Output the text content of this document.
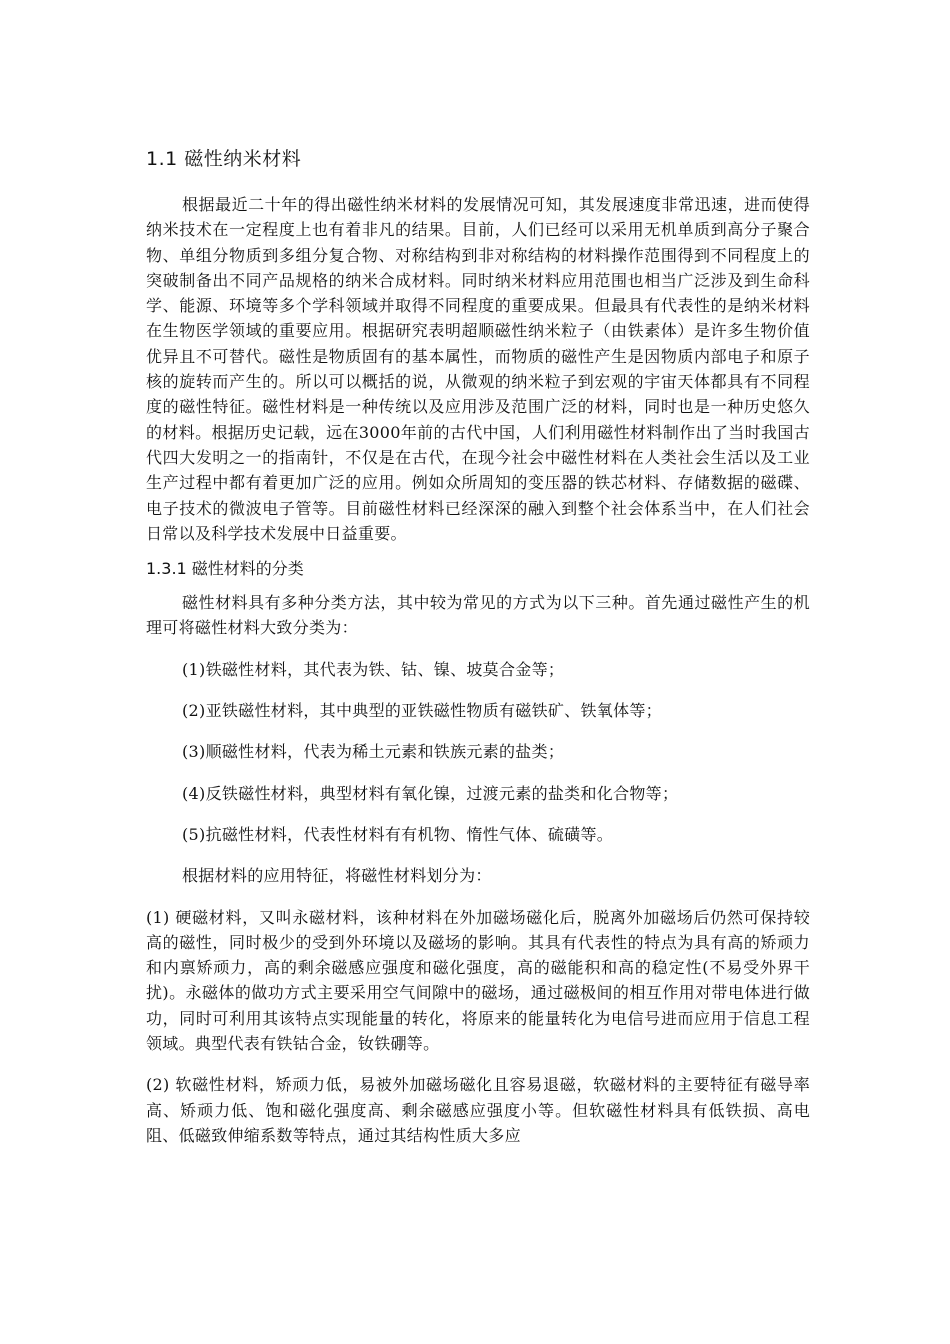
1.1 磁性纳米材料

根据最近二十年的得出磁性纳米材料的发展情况可知，其发展速度非常迅速，进而使得纳米技术在一定程度上也有着非凡的结果。目前，人们已经可以采用无机单质到高分子聚合物、单组分物质到多组分复合物、对称结构到非对称结构的材料操作范围得到不同程度上的突破制备出不同产品规格的纳米合成材料。同时纳米材料应用范围也相当广泛涉及到生命科学、能源、环境等多个学科领域并取得不同程度的重要成果。但最具有代表性的是纳米材料在生物医学领域的重要应用。根据研究表明超顺磁性纳米粒子（由铁素体）是许多生物价值优异且不可替代。磁性是物质固有的基本属性，而物质的磁性产生是因物质内部电子和原子核的旋转而产生的。所以可以概括的说，从微观的纳米粒子到宏观的宇宙天体都具有不同程度的磁性特征。磁性材料是一种传统以及应用涉及范围广泛的材料，同时也是一种历史悠久的材料。根据历史记载，远在3000年前的古代中国，人们利用磁性材料制作出了当时我国古代四大发明之一的指南针，不仅是在古代，在现今社会中磁性材料在人类社会生活以及工业生产过程中都有着更加广泛的应用。例如众所周知的变压器的铁芯材料、存储数据的磁碟、电子技术的微波电子管等。目前磁性材料已经深深的融入到整个社会体系当中，在人们社会日常以及科学技术发展中日益重要。

1.3.1 磁性材料的分类

磁性材料具有多种分类方法，其中较为常见的方式为以下三种。首先通过磁性产生的机理可将磁性材料大致分类为：

(1)铁磁性材料，其代表为铁、钴、镍、坡莫合金等；

(2)亚铁磁性材料，其中典型的亚铁磁性物质有磁铁矿、铁氧体等；

(3)顺磁性材料，代表为稀土元素和铁族元素的盐类；

(4)反铁磁性材料，典型材料有氧化镍，过渡元素的盐类和化合物等；

(5)抗磁性材料，代表性材料有有机物、惰性气体、硫磺等。

根据材料的应用特征，将磁性材料划分为：

(1) 硬磁材料，又叫永磁材料，该种材料在外加磁场磁化后，脱离外加磁场后仍然可保持较高的磁性，同时极少的受到外环境以及磁场的影响。其具有代表性的特点为具有高的矫顽力和内禀矫顽力，高的剩余磁感应强度和磁化强度，高的磁能积和高的稳定性(不易受外界干扰)。永磁体的做功方式主要采用空气间隙中的磁场，通过磁极间的相互作用对带电体进行做功，同时可利用其该特点实现能量的转化，将原来的能量转化为电信号进而应用于信息工程领域。典型代表有铁钴合金，钕铁硼等。

(2) 软磁性材料，矫顽力低，易被外加磁场磁化且容易退磁，软磁材料的主要特征有磁导率高、矫顽力低、饱和磁化强度高、剩余磁感应强度小等。但软磁性材料具有低铁损、高电阻、低磁致伸缩系数等特点，通过其结构性质大多应
